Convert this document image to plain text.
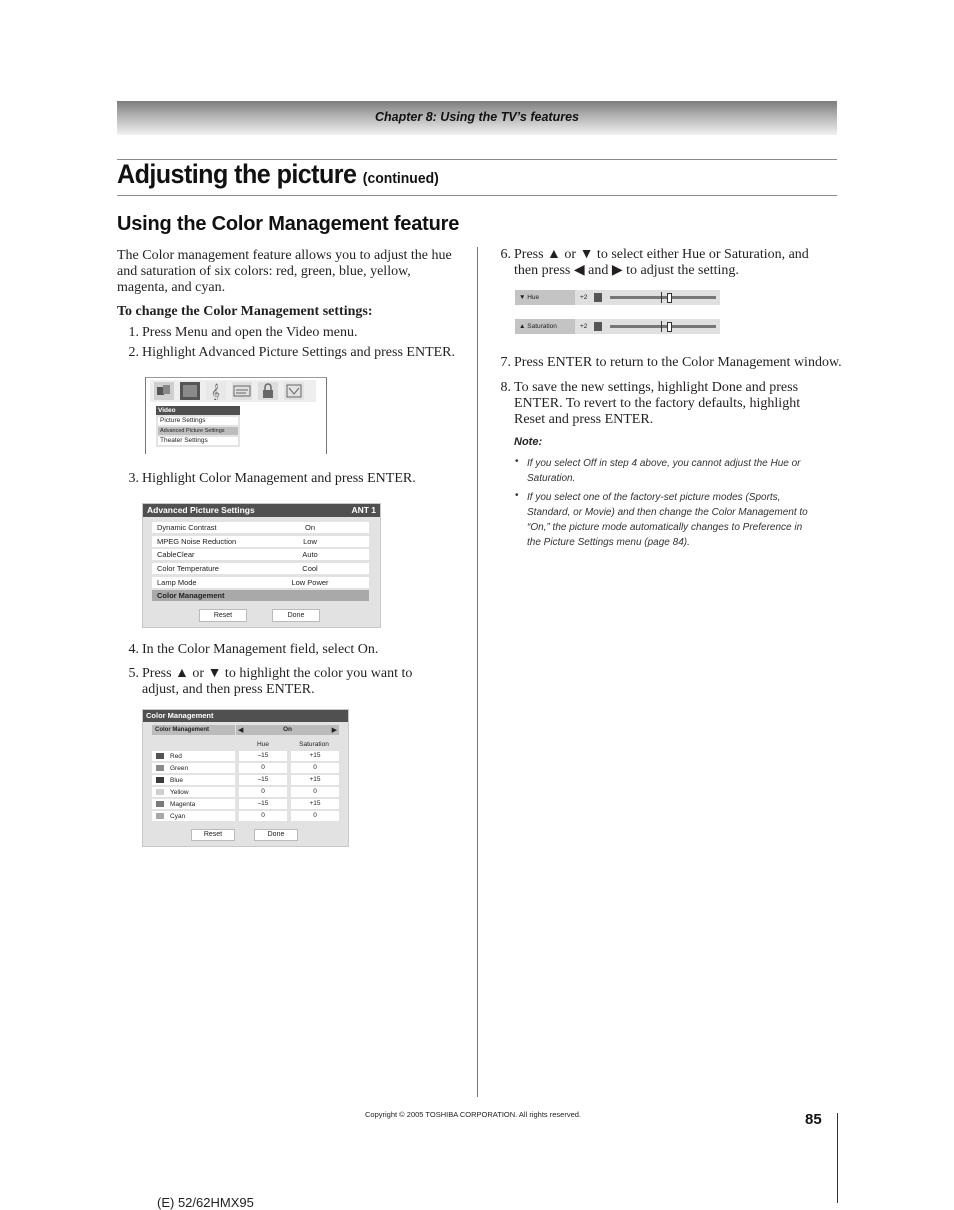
Chapter 8: Using the TV’s features
Adjusting the picture (continued)
Using the Color Management feature
The Color management feature allows you to adjust the hue and saturation of six colors: red, green, blue, yellow, magenta, and cyan.
To change the Color Management settings:
1. Press Menu and open the Video menu.
2. Highlight Advanced Picture Settings and press ENTER.
𝄞
Video
Picture Settings
Advanced Picture Settings
Theater Settings
3. Highlight Color Management and press ENTER.
Advanced Picture Settings	ANT 1
Dynamic Contrast	On
MPEG Noise Reduction	Low
CableClear	Auto
Color Temperature	Cool
Lamp Mode	Low Power
Color Management
Reset	Done
4. In the Color Management field, select On.
5. Press ▲ or ▼ to highlight the color you want to adjust, and then press ENTER.
Color Management
Color Management	◀	On	▶
Hue	Saturation
Red	–15	+15
Green	0	0
Blue	–15	+15
Yellow	0	0
Magenta	–15	+15
Cyan	0	0
Reset	Done
6. Press ▲ or ▼ to select either Hue or Saturation, and then press ◀ and ▶ to adjust the setting.
▼ Hue	+2
▲ Saturation	+2
7. Press ENTER to return to the Color Management window.
8. To save the new settings, highlight Done and press ENTER. To revert to the factory defaults, highlight Reset and press ENTER.
Note:
• If you select Off in step 4 above, you cannot adjust the Hue or Saturation.
• If you select one of the factory-set picture modes (Sports, Standard, or Movie) and then change the Color Management to “On,” the picture mode automatically changes to Preference in the Picture Settings menu (page 84).
Copyright © 2005 TOSHIBA CORPORATION. All rights reserved.	85
(E) 52/62HMX95
